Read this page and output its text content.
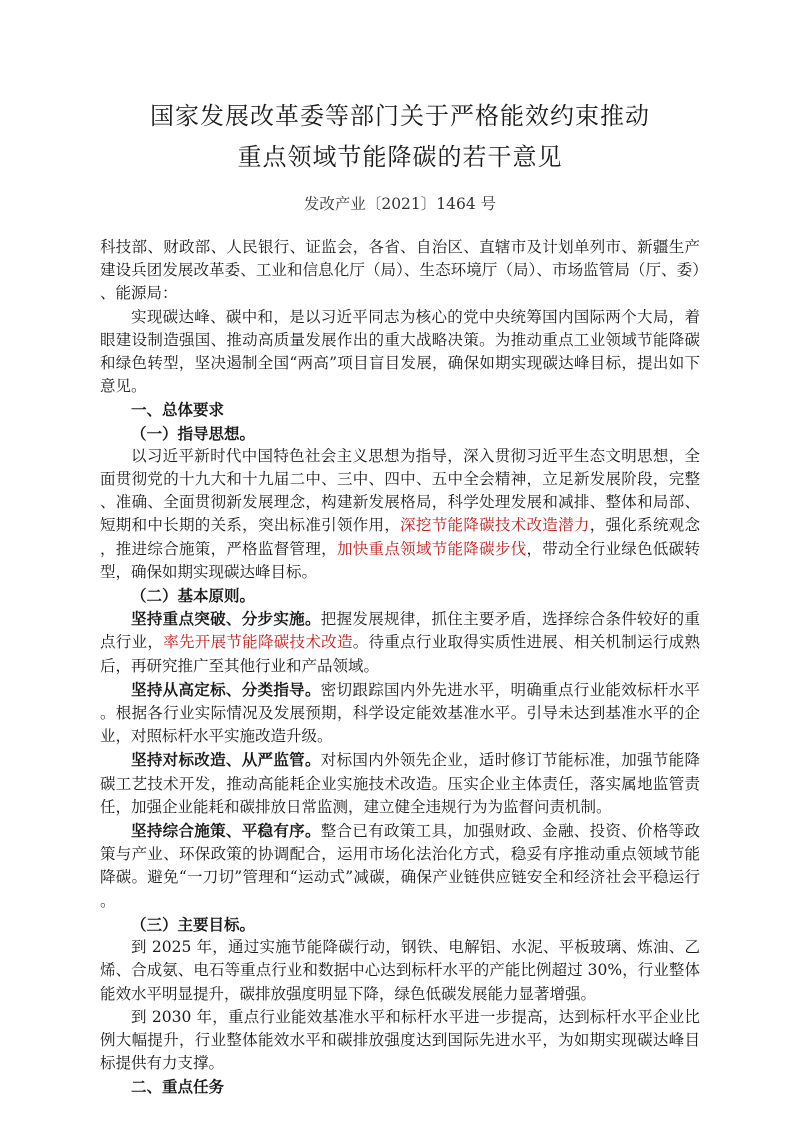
国家发展改革委等部门关于严格能效约束推动
重点领域节能降碳的若干意见
发改产业〔2021〕1464 号

科技部、财政部、人民银行、证监会，各省、自治区、直辖市及计划单列市、新疆生产建设兵团发展改革委、工业和信息化厅（局）、生态环境厅（局）、市场监管局（厅、委）、能源局：

实现碳达峰、碳中和，是以习近平同志为核心的党中央统筹国内国际两个大局，着眼建设制造强国、推动高质量发展作出的重大战略决策。为推动重点工业领域节能降碳和绿色转型，坚决遏制全国“两高”项目盲目发展，确保如期实现碳达峰目标，提出如下意见。

一、总体要求

（一）指导思想。

以习近平新时代中国特色社会主义思想为指导，深入贯彻习近平生态文明思想，全面贯彻党的十九大和十九届二中、三中、四中、五中全会精神，立足新发展阶段，完整、准确、全面贯彻新发展理念，构建新发展格局，科学处理发展和减排、整体和局部、短期和中长期的关系，突出标准引领作用，深挖节能降碳技术改造潜力，强化系统观念，推进综合施策，严格监督管理，加快重点领域节能降碳步伐，带动全行业绿色低碳转型，确保如期实现碳达峰目标。

（二）基本原则。

坚持重点突破、分步实施。把握发展规律，抓住主要矛盾，选择综合条件较好的重点行业，率先开展节能降碳技术改造。待重点行业取得实质性进展、相关机制运行成熟后，再研究推广至其他行业和产品领域。

坚持从高定标、分类指导。密切跟踪国内外先进水平，明确重点行业能效标杆水平。根据各行业实际情况及发展预期，科学设定能效基准水平。引导未达到基准水平的企业，对照标杆水平实施改造升级。

坚持对标改造、从严监管。对标国内外领先企业，适时修订节能标准，加强节能降碳工艺技术开发，推动高能耗企业实施技术改造。压实企业主体责任，落实属地监管责任，加强企业能耗和碳排放日常监测，建立健全违规行为为监督问责机制。

坚持综合施策、平稳有序。整合已有政策工具，加强财政、金融、投资、价格等政策与产业、环保政策的协调配合，运用市场化法治化方式，稳妥有序推动重点领域节能降碳。避免“一刀切”管理和“运动式”减碳，确保产业链供应链安全和经济社会平稳运行。

（三）主要目标。

到 2025 年，通过实施节能降碳行动，钢铁、电解铝、水泥、平板玻璃、炼油、乙烯、合成氨、电石等重点行业和数据中心达到标杆水平的产能比例超过 30%，行业整体能效水平明显提升，碳排放强度明显下降，绿色低碳发展能力显著增强。

到 2030 年，重点行业能效基准水平和标杆水平进一步提高，达到标杆水平企业比例大幅提升，行业整体能效水平和碳排放强度达到国际先进水平，为如期实现碳达峰目标提供有力支撑。

二、重点任务
